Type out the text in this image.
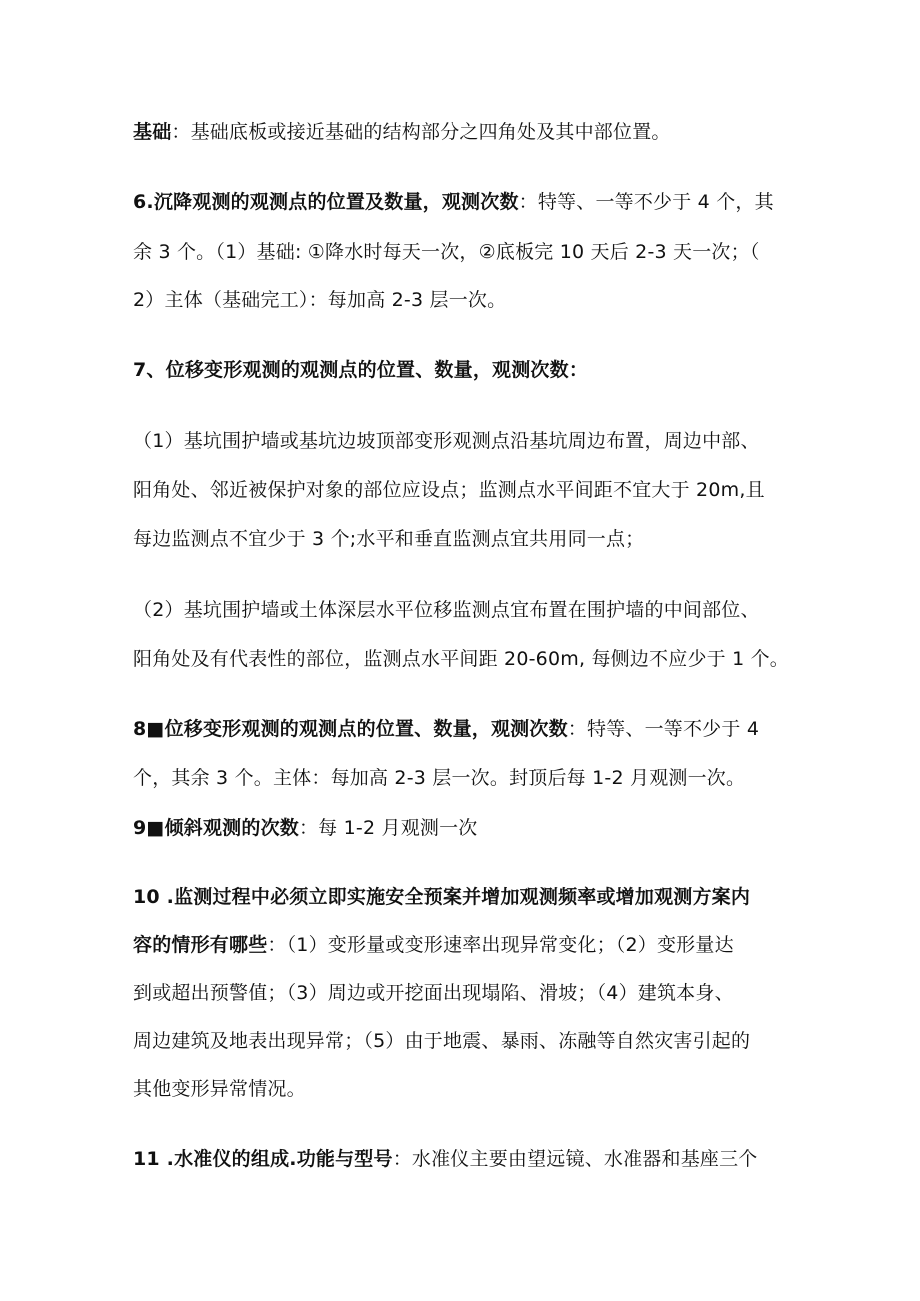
基础：基础底板或接近基础的结构部分之四角处及其中部位置。
6.沉降观测的观测点的位置及数量，观测次数：特等、一等不少于 4 个，其
余 3 个。（1）基础: ①降水时每天一次，②底板完 10 天后 2-3 天一次；（
2）主体（基础完工）：每加高 2-3 层一次。
7、位移变形观测的观测点的位置、数量，观测次数：
（1）基坑围护墙或基坑边坡顶部变形观测点沿基坑周边布置，周边中部、
阳角处、邻近被保护对象的部位应设点；监测点水平间距不宜大于 20m,且
每边监测点不宜少于 3 个;水平和垂直监测点宜共用同一点；
（2）基坑围护墙或土体深层水平位移监测点宜布置在围护墙的中间部位、
阳角处及有代表性的部位，监测点水平间距 20-60m, 每侧边不应少于 1 个。
8■位移变形观测的观测点的位置、数量，观测次数：特等、一等不少于 4
个，其余 3 个。主体：每加高 2-3 层一次。封顶后每 1-2 月观测一次。
9■倾斜观测的次数：每 1-2 月观测一次
10 .监测过程中必须立即实施安全预案并增加观测频率或增加观测方案内
容的情形有哪些：（1）变形量或变形速率出现异常变化；（2）变形量达
到或超出预警值；（3）周边或开挖面出现塌陷、滑坡；（4）建筑本身、
周边建筑及地表出现异常；（5）由于地震、暴雨、冻融等自然灾害引起的
其他变形异常情况。
11 .水准仪的组成.功能与型号：水准仪主要由望远镜、水准器和基座三个
